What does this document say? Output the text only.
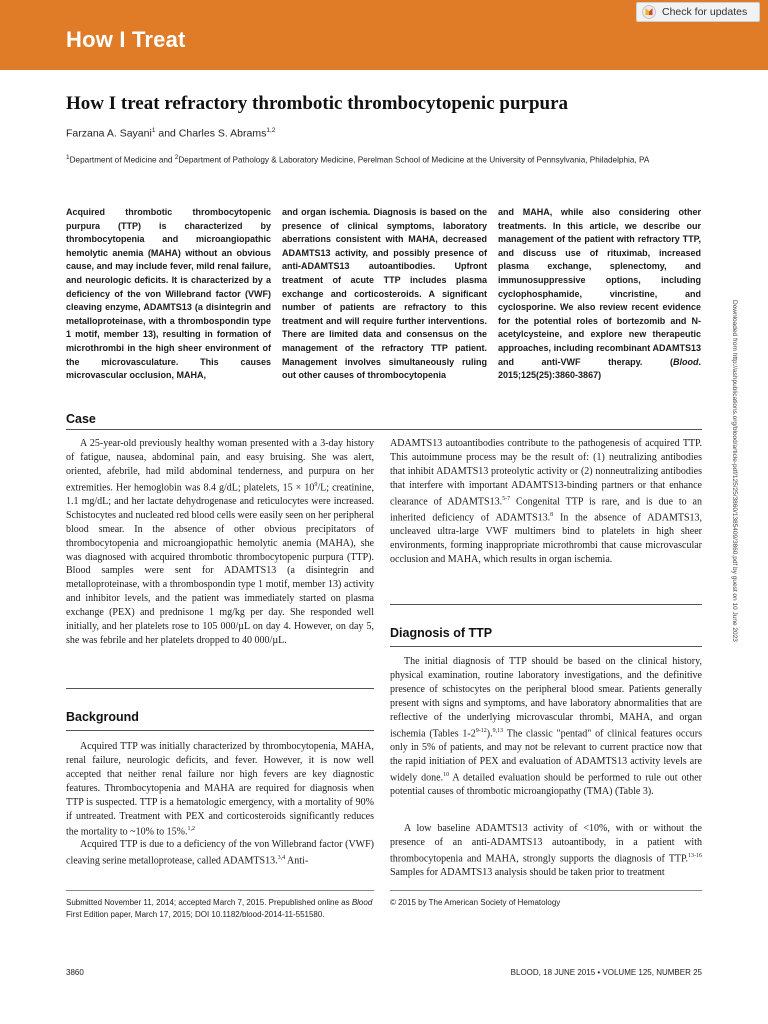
How I Treat
Check for updates
How I treat refractory thrombotic thrombocytopenic purpura
Farzana A. Sayani$^1$ and Charles S. Abrams$^{1,2}$
$^1$Department of Medicine and $^2$Department of Pathology & Laboratory Medicine, Perelman School of Medicine at the University of Pennsylvania, Philadelphia, PA
Acquired thrombotic thrombocytopenic purpura (TTP) is characterized by thrombocytopenia and microangiopathic hemolytic anemia (MAHA) without an obvious cause, and may include fever, mild renal failure, and neurologic deficits. It is characterized by a deficiency of the von Willebrand factor (VWF) cleaving enzyme, ADAMTS13 (a disintegrin and metalloproteinase, with a thrombospondin type 1 motif, member 13), resulting in formation of microthrombi in the high sheer environment of the microvasculature. This causes microvascular occlusion, MAHA,
and organ ischemia. Diagnosis is based on the presence of clinical symptoms, laboratory aberrations consistent with MAHA, decreased ADAMTS13 activity, and possibly presence of anti-ADAMTS13 autoantibodies. Upfront treatment of acute TTP includes plasma exchange and corticosteroids. A significant number of patients are refractory to this treatment and will require further interventions. There are limited data and consensus on the management of the refractory TTP patient. Management involves simultaneously ruling out other causes of thrombocytopenia
and MAHA, while also considering other treatments. In this article, we describe our management of the patient with refractory TTP, and discuss use of rituximab, increased plasma exchange, splenectomy, and immunosuppressive options, including cyclophosphamide, vincristine, and cyclosporine. We also review recent evidence for the potential roles of bortezomib and N-acetylcysteine, and explore new therapeutic approaches, including recombinant ADAMTS13 and anti-VWF therapy. (Blood. 2015;125(25):3860-3867)
Case
A 25-year-old previously healthy woman presented with a 3-day history of fatigue, nausea, abdominal pain, and easy bruising. She was alert, oriented, afebrile, had mild abdominal tenderness, and purpura on her extremities. Her hemoglobin was 8.4 g/dL; platelets, $15 \times 10^9/L$; creatinine, 1.1 mg/dL; and her lactate dehydrogenase and reticulocytes were increased. Schistocytes and nucleated red blood cells were easily seen on her peripheral blood smear. In the absence of other obvious precipitators of thrombocytopenia and microangiopathic hemolytic anemia (MAHA), she was diagnosed with acquired thrombotic thrombocytopenic purpura (TTP). Blood samples were sent for ADAMTS13 (a disintegrin and metalloproteinase, with a thrombospondin type 1 motif, member 13) activity and inhibitor levels, and the patient was immediately started on plasma exchange (PEX) and prednisone 1 mg/kg per day. She responded well initially, and her platelets rose to 105 000/µL on day 4. However, on day 5, she was febrile and her platelets dropped to 40 000/µL.
Background
Acquired TTP was initially characterized by thrombocytopenia, MAHA, renal failure, neurologic deficits, and fever. However, it is now well accepted that neither renal failure nor high fevers are key diagnostic features. Thrombocytopenia and MAHA are required for diagnosis when TTP is suspected. TTP is a hematologic emergency, with a mortality of 90% if untreated. Treatment with PEX and corticosteroids significantly reduces the mortality to ~10% to 15%.$^{1,2}$
Acquired TTP is due to a deficiency of the von Willebrand factor (VWF) cleaving serine metalloprotease, called ADAMTS13.$^{3,4}$ Anti-
ADAMTS13 autoantibodies contribute to the pathogenesis of acquired TTP. This autoimmune process may be the result of: (1) neutralizing antibodies that inhibit ADAMTS13 proteolytic activity or (2) nonneutralizing antibodies that interfere with important ADAMTS13-binding partners or that enhance clearance of ADAMTS13.$^{5-7}$ Congenital TTP is rare, and is due to an inherited deficiency of ADAMTS13.$^8$ In the absence of ADAMTS13, uncleaved ultra-large VWF multimers bind to platelets in high sheer environments, forming inappropriate microthrombi that cause microvascular occlusion and MAHA, which results in organ ischemia.
Diagnosis of TTP
The initial diagnosis of TTP should be based on the clinical history, physical examination, routine laboratory investigations, and the definitive presence of schistocytes on the peripheral blood smear. Patients generally present with signs and symptoms, and have laboratory abnormalities that are reflective of the underlying microvascular thrombi, MAHA, and organ ischemia (Tables 1-2$^{9-12}$).$^{9,13}$ The classic "pentad" of clinical features occurs only in 5% of patients, and may not be relevant to current practice now that the rapid initiation of PEX and evaluation of ADAMTS13 activity levels are widely done.$^{10}$ A detailed evaluation should be performed to rule out other potential causes of thrombotic microangiopathy (TMA) (Table 3).
A low baseline ADAMTS13 activity of <10%, with or without the presence of an anti-ADAMTS13 autoantibody, in a patient with thrombocytopenia and MAHA, strongly supports the diagnosis of TTP.$^{13-16}$ Samples for ADAMTS13 analysis should be taken prior to treatment
Submitted November 11, 2014; accepted March 7, 2015. Prepublished online as Blood First Edition paper, March 17, 2015; DOI 10.1182/blood-2014-11-551580.
© 2015 by The American Society of Hematology
3860	BLOOD, 18 JUNE 2015 • VOLUME 125, NUMBER 25
Downloaded from http://ashpublications.org/blood/article-pdf/125/25/3860/1385409/3860.pdf by guest on 10 June 2023
